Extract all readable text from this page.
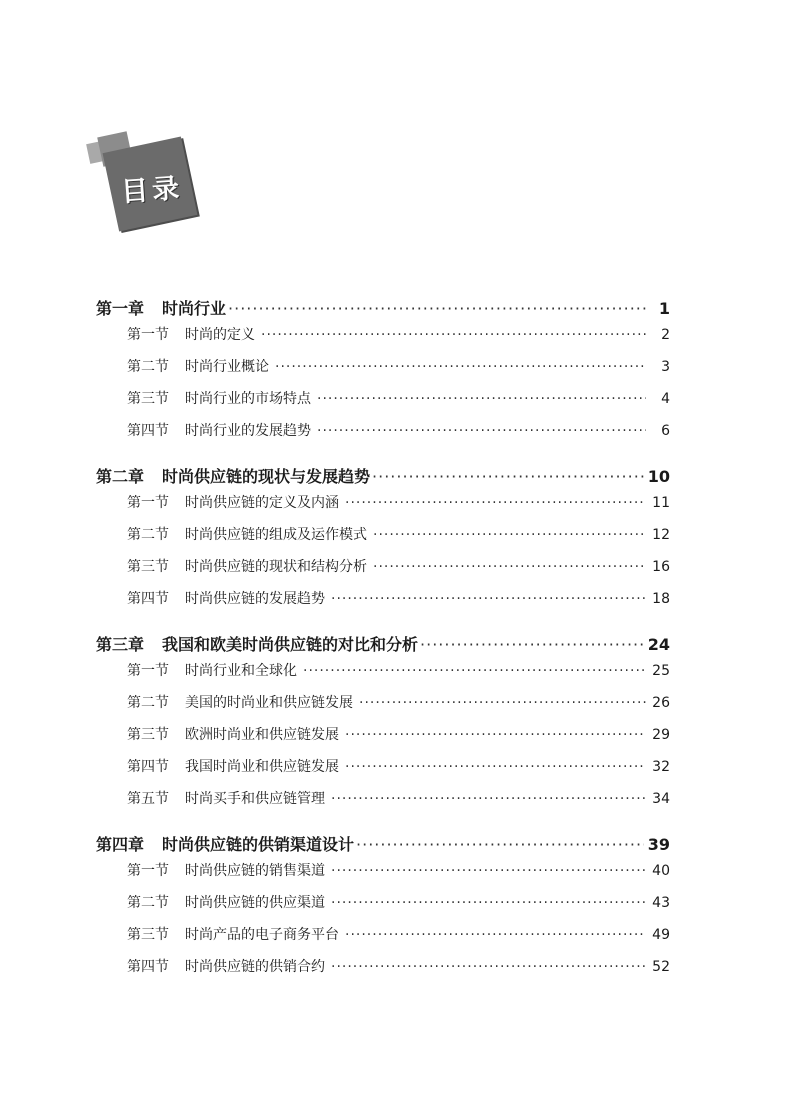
目录
第一章 时尚行业 ·····	1
第一节 时尚的定义 ·····	2
第二节 时尚行业概论 ·····	3
第三节 时尚行业的市场特点 ·····	4
第四节 时尚行业的发展趋势 ·····	6
第二章 时尚供应链的现状与发展趋势 ·····	10
第一节 时尚供应链的定义及内涵 ·····	11
第二节 时尚供应链的组成及运作模式 ·····	12
第三节 时尚供应链的现状和结构分析 ·····	16
第四节 时尚供应链的发展趋势 ·····	18
第三章 我国和欧美时尚供应链的对比和分析 ·····	24
第一节 时尚行业和全球化 ·····	25
第二节 美国的时尚业和供应链发展 ·····	26
第三节 欧洲时尚业和供应链发展 ·····	29
第四节 我国时尚业和供应链发展 ·····	32
第五节 时尚买手和供应链管理 ·····	34
第四章 时尚供应链的供销渠道设计 ·····	39
第一节 时尚供应链的销售渠道 ·····	40
第二节 时尚供应链的供应渠道 ·····	43
第三节 时尚产品的电子商务平台 ·····	49
第四节 时尚供应链的供销合约 ·····	52
